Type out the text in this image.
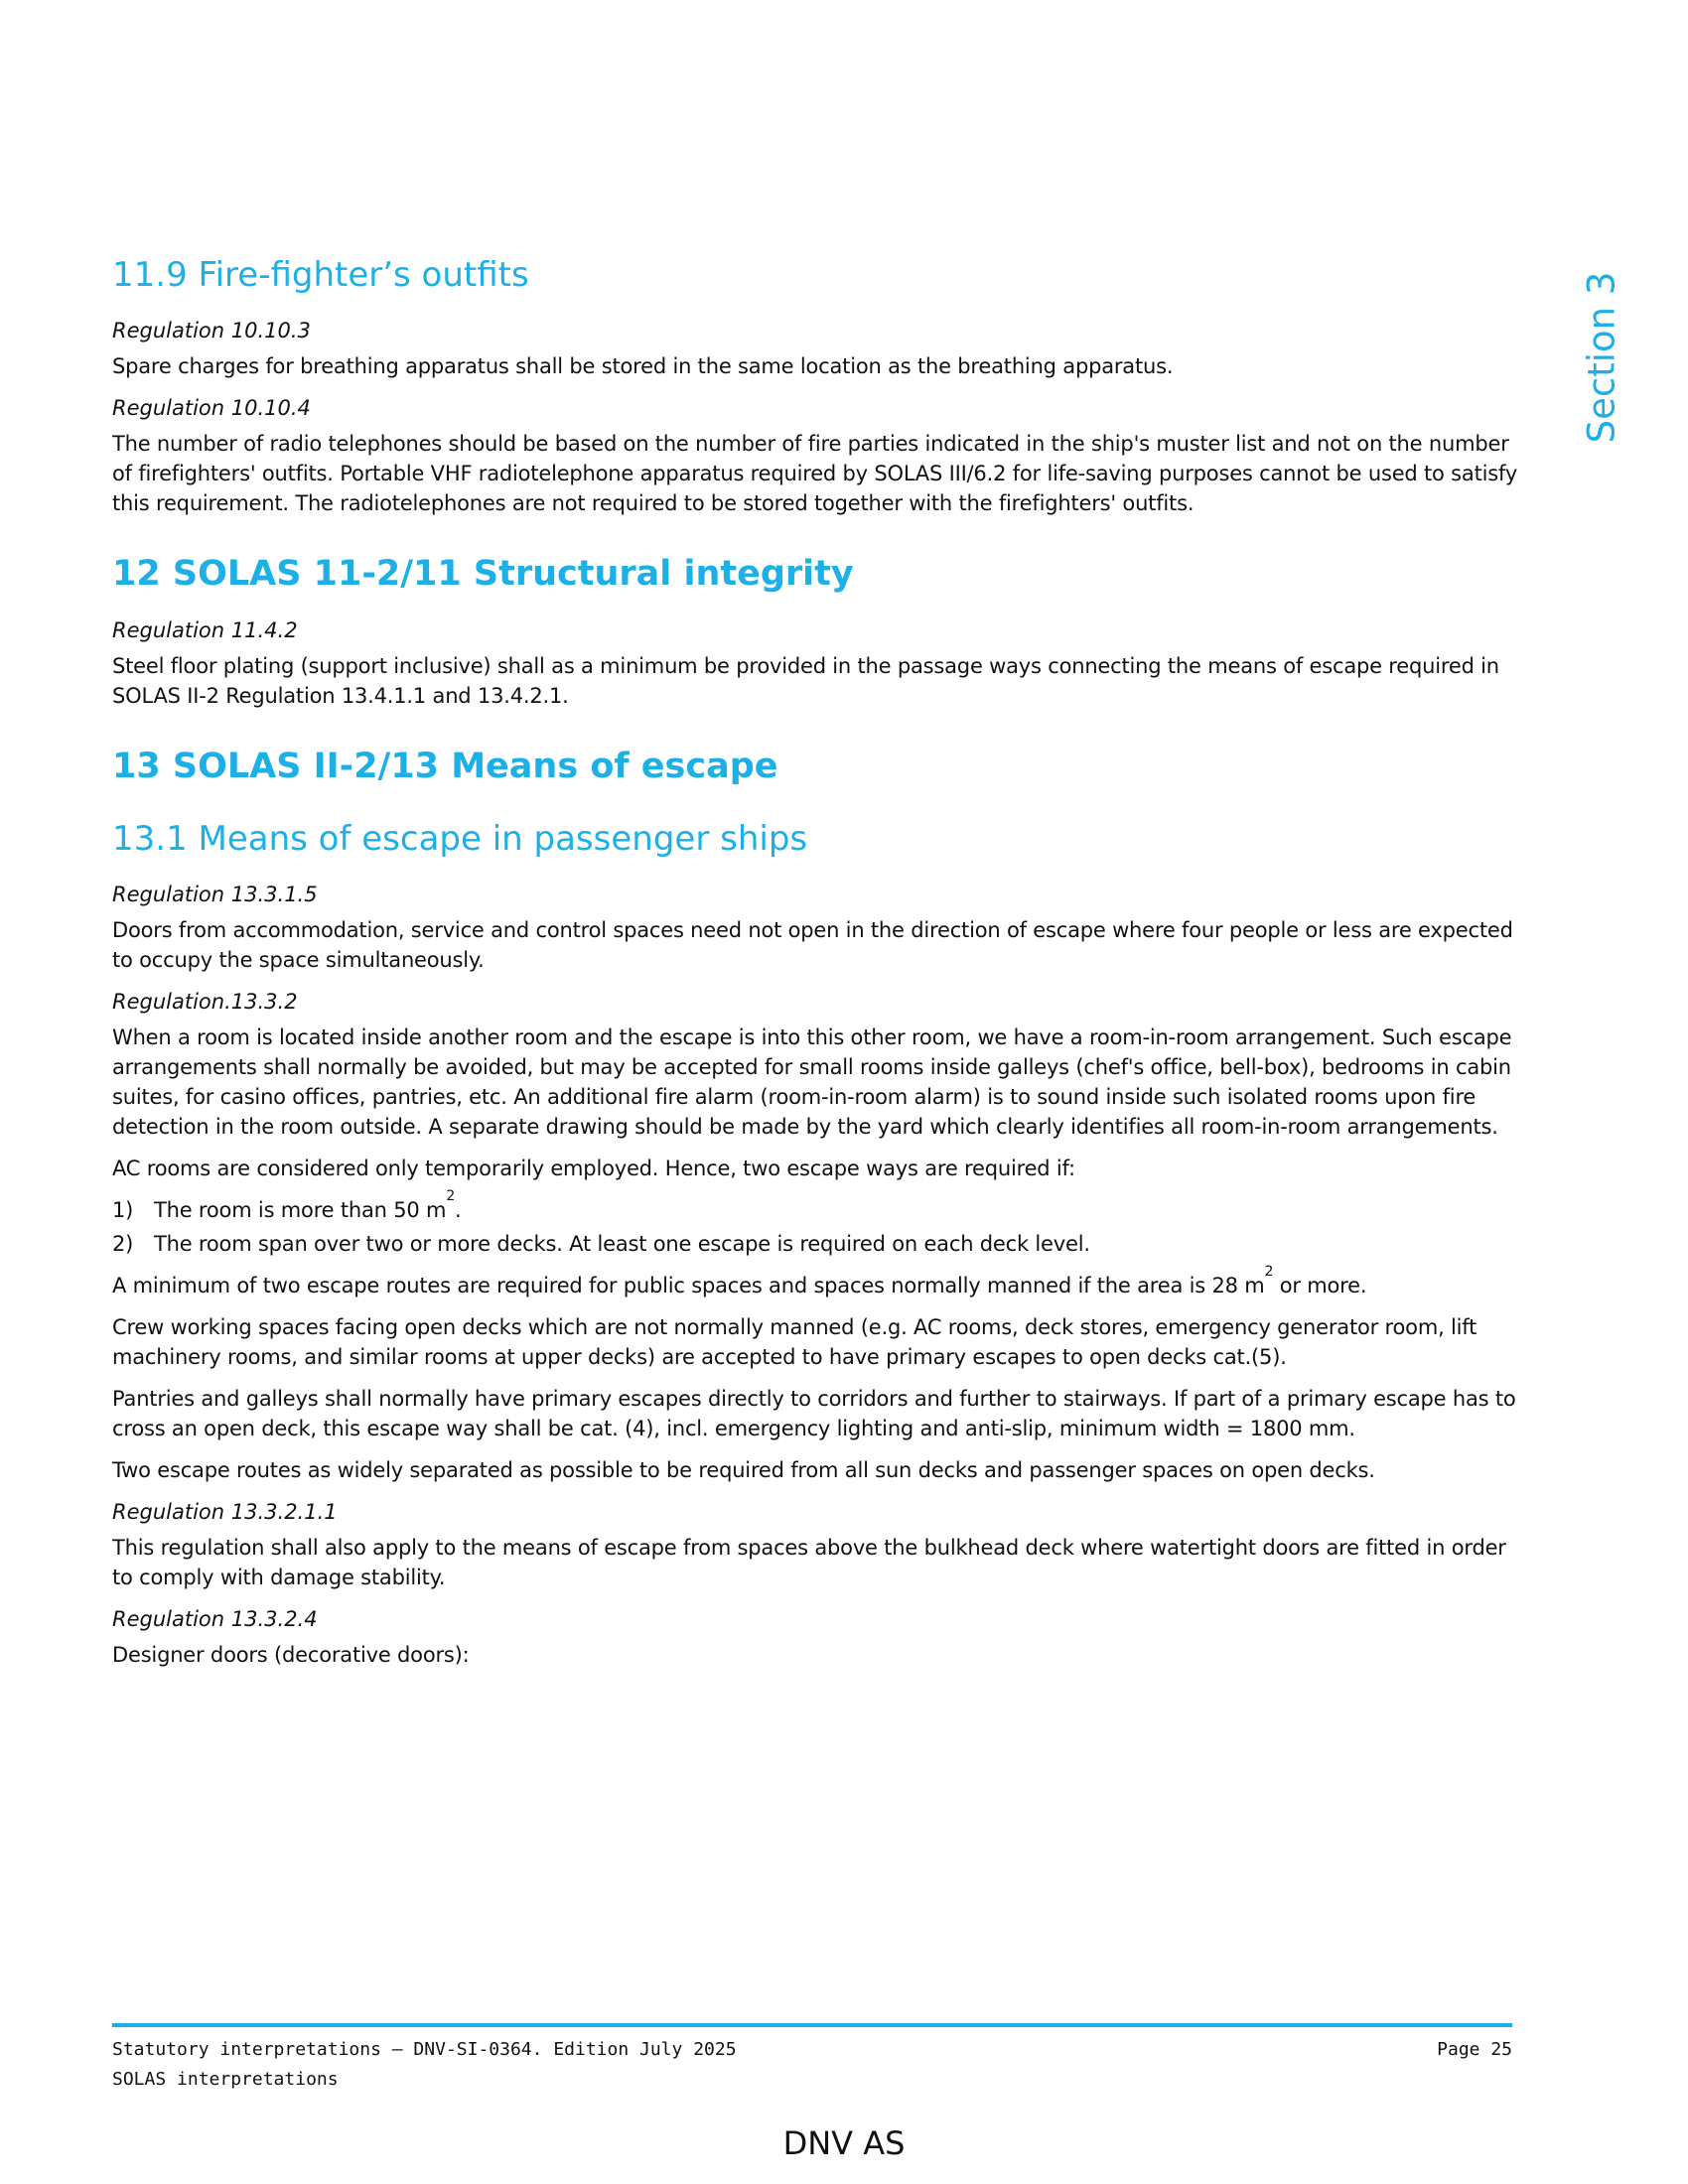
Section 3
11.9 Fire-fighter’s outfits

Regulation 10.10.3

Spare charges for breathing apparatus shall be stored in the same location as the breathing apparatus.

Regulation 10.10.4

The number of radio telephones should be based on the number of fire parties indicated in the ship's muster list and not on the number of firefighters' outfits. Portable VHF radiotelephone apparatus required by SOLAS III/6.2 for life-saving purposes cannot be used to satisfy this requirement. The radiotelephones are not required to be stored together with the firefighters' outfits.

12 SOLAS 11-2/11 Structural integrity

Regulation 11.4.2

Steel floor plating (support inclusive) shall as a minimum be provided in the passage ways connecting the means of escape required in SOLAS II-2 Regulation 13.4.1.1 and 13.4.2.1.

13 SOLAS II-2/13 Means of escape
13.1 Means of escape in passenger ships

Regulation 13.3.1.5

Doors from accommodation, service and control spaces need not open in the direction of escape where four people or less are expected to occupy the space simultaneously.

Regulation.13.3.2

When a room is located inside another room and the escape is into this other room, we have a room-in-room arrangement. Such escape arrangements shall normally be avoided, but may be accepted for small rooms inside galleys (chef's office, bell-box), bedrooms in cabin suites, for casino offices, pantries, etc. An additional fire alarm (room-in-room alarm) is to sound inside such isolated rooms upon fire detection in the room outside. A separate drawing should be made by the yard which clearly identifies all room-in-room arrangements.

AC rooms are considered only temporarily employed. Hence, two escape ways are required if:

1) The room is more than 50 $m^2$.
2) The room span over two or more decks. At least one escape is required on each deck level.

A minimum of two escape routes are required for public spaces and spaces normally manned if the area is 28 $m^2$ or more.

Crew working spaces facing open decks which are not normally manned (e.g. AC rooms, deck stores, emergency generator room, lift machinery rooms, and similar rooms at upper decks) are accepted to have primary escapes to open decks cat.(5).

Pantries and galleys shall normally have primary escapes directly to corridors and further to stairways. If part of a primary escape has to cross an open deck, this escape way shall be cat. (4), incl. emergency lighting and anti-slip, minimum width = 1800 mm.

Two escape routes as widely separated as possible to be required from all sun decks and passenger spaces on open decks.

Regulation 13.3.2.1.1

This regulation shall also apply to the means of escape from spaces above the bulkhead deck where watertight doors are fitted in order to comply with damage stability.

Regulation 13.3.2.4

Designer doors (decorative doors):

Statutory interpretations — DNV-SI-0364. Edition July 2025
SOLAS interpretations
Page 25
DNV AS
